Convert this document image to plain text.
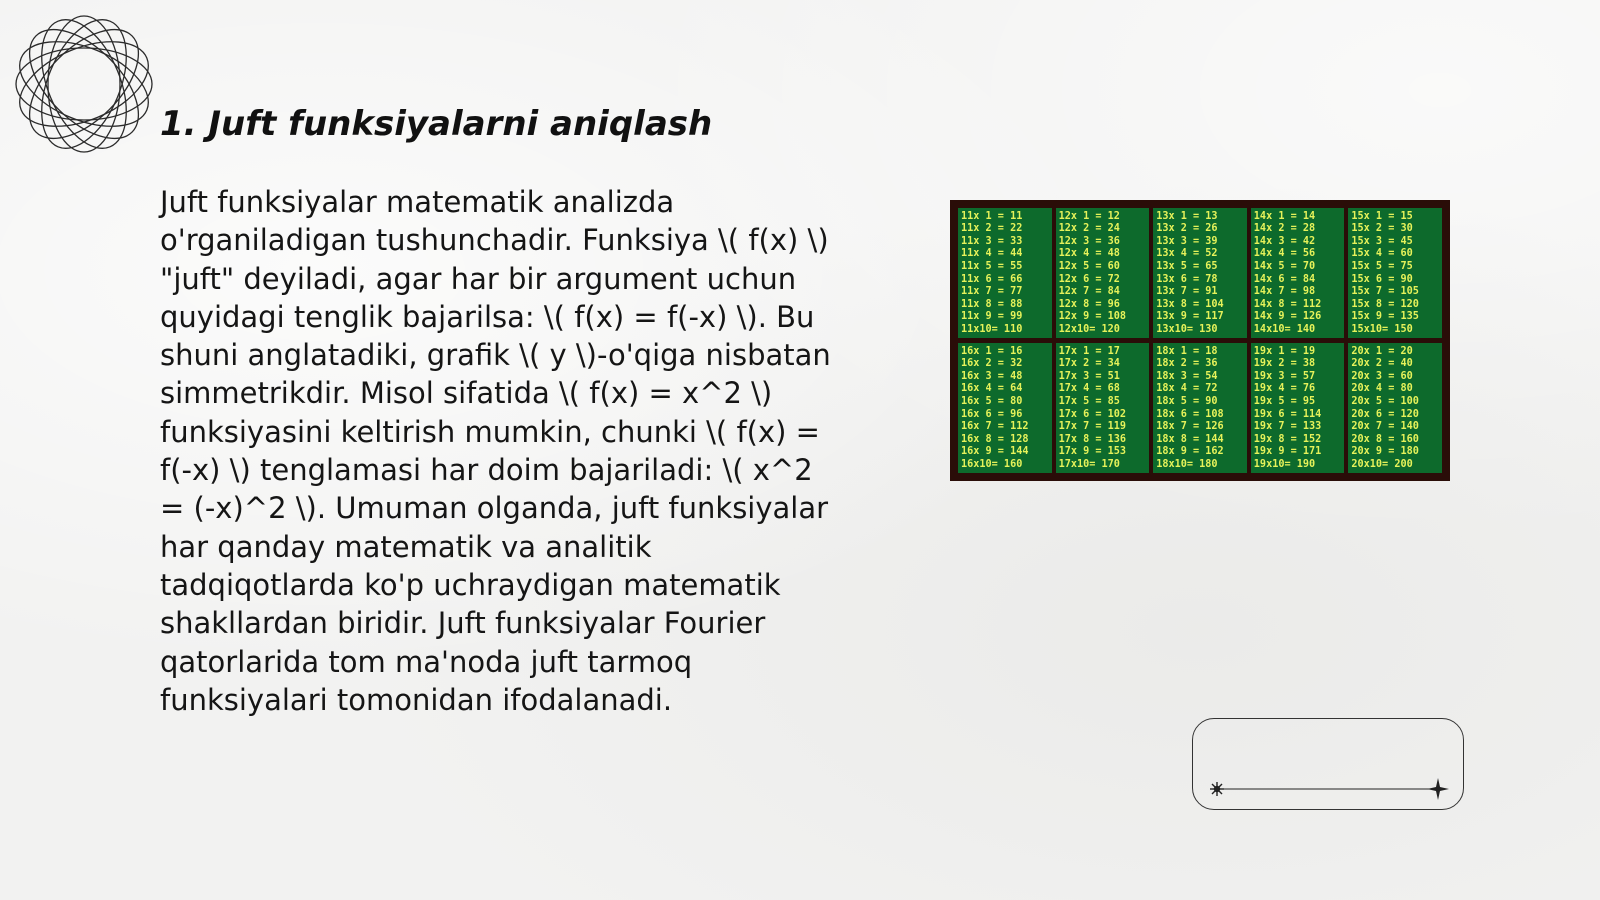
1. Juft funksiyalarni aniqlash

Juft funksiyalar matematik analizda o'rganiladigan tushunchadir. Funksiya \( f(x) \) "juft" deyiladi, agar har bir argument uchun quyidagi tenglik bajarilsa: \( f(x) = f(-x) \). Bu shuni anglatadiki, grafik \( y \)-o'qiga nisbatan simmetrikdir. Misol sifatida \( f(x) = x^2 \) funksiyasini keltirish mumkin, chunki \( f(x) = f(-x) \) tenglamasi har doim bajariladi: \( x^2 = (-x)^2 \). Umuman olganda, juft funksiyalar har qanday matematik va analitik tadqiqotlarda ko'p uchraydigan matematik shakllardan biridir. Juft funksiyalar Fourier qatorlarida tom ma'noda juft tarmoq funksiyalari tomonidan ifodalanadi.

11x 1 = 11
11x 2 = 22
11x 3 = 33
11x 4 = 44
11x 5 = 55
11x 6 = 66
11x 7 = 77
11x 8 = 88
11x 9 = 99
11x10= 110
12x 1 = 12
12x 2 = 24
12x 3 = 36
12x 4 = 48
12x 5 = 60
12x 6 = 72
12x 7 = 84
12x 8 = 96
12x 9 = 108
12x10= 120
13x 1 = 13
13x 2 = 26
13x 3 = 39
13x 4 = 52
13x 5 = 65
13x 6 = 78
13x 7 = 91
13x 8 = 104
13x 9 = 117
13x10= 130
14x 1 = 14
14x 2 = 28
14x 3 = 42
14x 4 = 56
14x 5 = 70
14x 6 = 84
14x 7 = 98
14x 8 = 112
14x 9 = 126
14x10= 140
15x 1 = 15
15x 2 = 30
15x 3 = 45
15x 4 = 60
15x 5 = 75
15x 6 = 90
15x 7 = 105
15x 8 = 120
15x 9 = 135
15x10= 150
16x 1 = 16
16x 2 = 32
16x 3 = 48
16x 4 = 64
16x 5 = 80
16x 6 = 96
16x 7 = 112
16x 8 = 128
16x 9 = 144
16x10= 160
17x 1 = 17
17x 2 = 34
17x 3 = 51
17x 4 = 68
17x 5 = 85
17x 6 = 102
17x 7 = 119
17x 8 = 136
17x 9 = 153
17x10= 170
18x 1 = 18
18x 2 = 36
18x 3 = 54
18x 4 = 72
18x 5 = 90
18x 6 = 108
18x 7 = 126
18x 8 = 144
18x 9 = 162
18x10= 180
19x 1 = 19
19x 2 = 38
19x 3 = 57
19x 4 = 76
19x 5 = 95
19x 6 = 114
19x 7 = 133
19x 8 = 152
19x 9 = 171
19x10= 190
20x 1 = 20
20x 2 = 40
20x 3 = 60
20x 4 = 80
20x 5 = 100
20x 6 = 120
20x 7 = 140
20x 8 = 160
20x 9 = 180
20x10= 200
